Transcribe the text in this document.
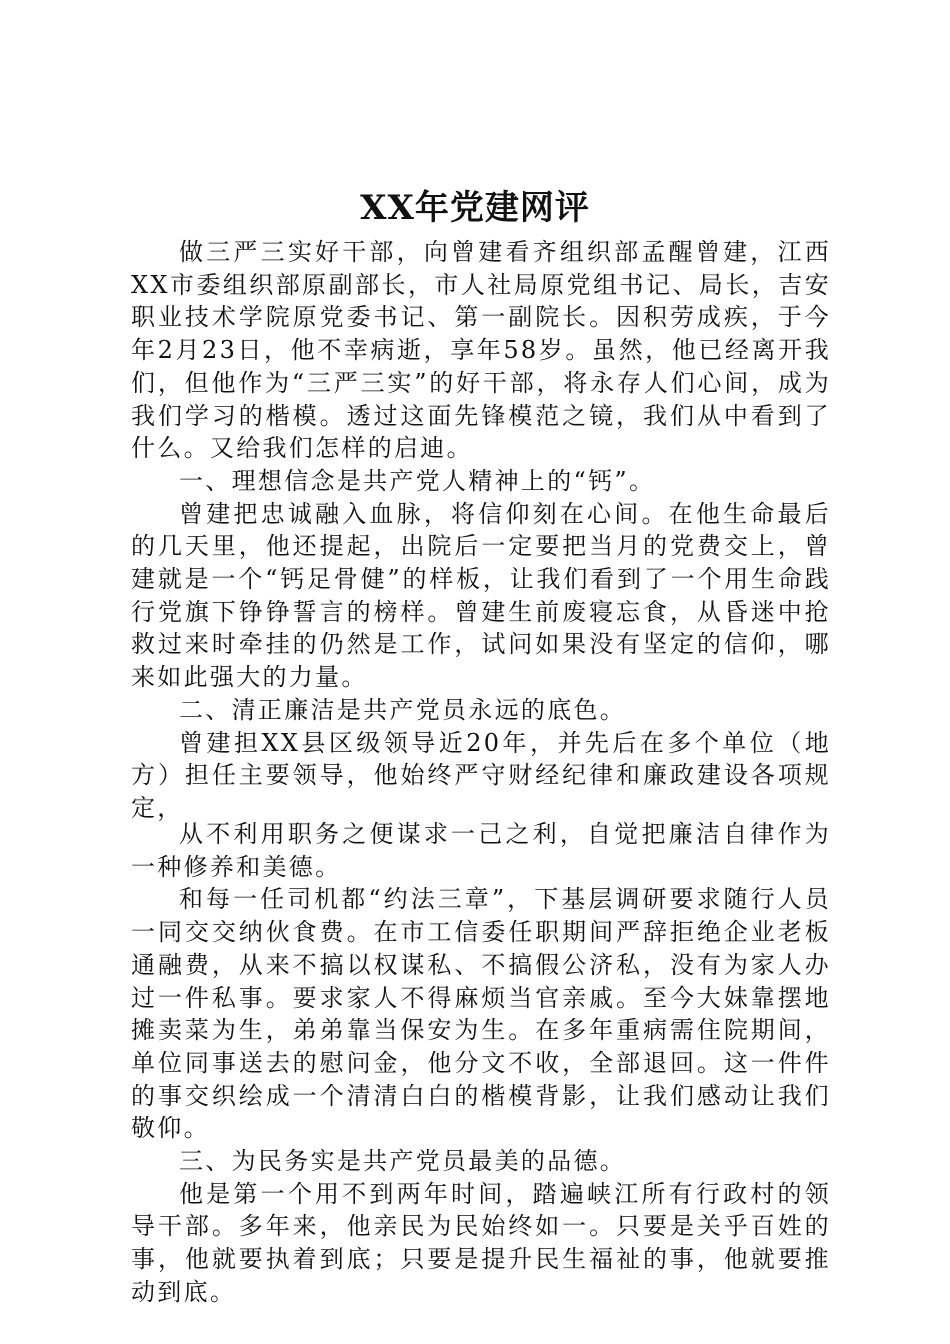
XX年党建网评

做三严三实好干部，向曾建看齐组织部孟醒曾建，江西XX市委组织部原副部长，市人社局原党组书记、局长，吉安职业技术学院原党委书记、第一副院长。因积劳成疾，于今年2月23日，他不幸病逝，享年58岁。虽然，他已经离开我们，但他作为“三严三实”的好干部，将永存人们心间，成为我们学习的楷模。透过这面先锋模范之镜，我们从中看到了什么。又给我们怎样的启迪。

一、理想信念是共产党人精神上的“钙”。

曾建把忠诚融入血脉，将信仰刻在心间。在他生命最后的几天里，他还提起，出院后一定要把当月的党费交上，曾建就是一个“钙足骨健”的样板，让我们看到了一个用生命践行党旗下铮铮誓言的榜样。曾建生前废寝忘食，从昏迷中抢救过来时牵挂的仍然是工作，试问如果没有坚定的信仰，哪来如此强大的力量。

二、清正廉洁是共产党员永远的底色。

曾建担XX县区级领导近20年，并先后在多个单位（地方）担任主要领导，他始终严守财经纪律和廉政建设各项规定，

从不利用职务之便谋求一己之利，自觉把廉洁自律作为一种修养和美德。

和每一任司机都“约法三章”，下基层调研要求随行人员一同交交纳伙食费。在市工信委任职期间严辞拒绝企业老板通融费，从来不搞以权谋私、不搞假公济私，没有为家人办过一件私事。要求家人不得麻烦当官亲戚。至今大妹靠摆地摊卖菜为生，弟弟靠当保安为生。在多年重病需住院期间，单位同事送去的慰问金，他分文不收，全部退回。这一件件的事交织绘成一个清清白白的楷模背影，让我们感动让我们敬仰。

三、为民务实是共产党员最美的品德。

他是第一个用不到两年时间，踏遍峡江所有行政村的领导干部。多年来，他亲民为民始终如一。只要是关乎百姓的事，他就要执着到底；只要是提升民生福祉的事，他就要推动到底。
